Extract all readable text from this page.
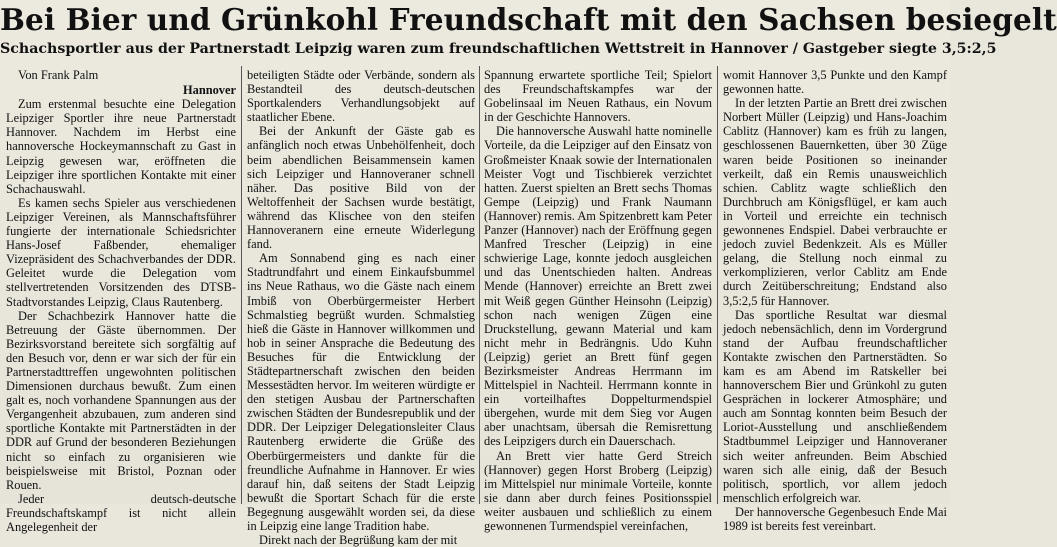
Bei Bier und Grünkohl Freundschaft mit den Sachsen besiegelt
Schachsportler aus der Partnerstadt Leipzig waren zum freundschaftlichen Wettstreit in Hannover / Gastgeber siegte 3,5:2,5
Von Frank Palm
Hannover

Zum erstenmal besuchte eine Delegation Leipziger Sportler ihre neue Partnerstadt Hannover. Nachdem im Herbst eine hannoversche Hockeymannschaft zu Gast in Leipzig gewesen war, eröffneten die Leipziger ihre sportlichen Kontakte mit einer Schachauswahl.

Es kamen sechs Spieler aus verschiedenen Leipziger Vereinen, als Mannschaftsführer fungierte der internationale Schiedsrichter Hans-Josef Faßbender, ehemaliger Vizepräsident des Schachverbandes der DDR. Geleitet wurde die Delegation vom stellvertretenden Vorsitzenden des DTSB-Stadtvorstandes Leipzig, Claus Rautenberg.

Der Schachbezirk Hannover hatte die Betreuung der Gäste übernommen. Der Bezirksvorstand bereitete sich sorgfältig auf den Besuch vor, denn er war sich der für ein Partnerstadttreffen ungewohnten politischen Dimensionen durchaus bewußt. Zum einen galt es, noch vorhandene Spannungen aus der Vergangenheit abzubauen, zum anderen sind sportliche Kontakte mit Partnerstädten in der DDR auf Grund der besonderen Beziehungen nicht so einfach zu organisieren wie beispielsweise mit Bristol, Poznan oder Rouen.

Jeder deutsch-deutsche Freundschaftskampf ist nicht allein Angelegenheit der

beteiligten Städte oder Verbände, sondern als Bestandteil des deutsch-deutschen Sportkalenders Verhandlungsobjekt auf staatlicher Ebene.

Bei der Ankunft der Gäste gab es anfänglich noch etwas Unbehölfenheit, doch beim abendlichen Beisammensein kamen sich Leipziger und Hannoveraner schnell näher. Das positive Bild von der Weltoffenheit der Sachsen wurde bestätigt, während das Klischee von den steifen Hannoveranern eine erneute Widerlegung fand.

Am Sonnabend ging es nach einer Stadtrundfahrt und einem Einkaufsbummel ins Neue Rathaus, wo die Gäste nach einem Imbiß von Oberbürgermeister Herbert Schmalstieg begrüßt wurden. Schmalstieg hieß die Gäste in Hannover willkommen und hob in seiner Ansprache die Bedeutung des Besuches für die Entwicklung der Städtepartnerschaft zwischen den beiden Messestädten hervor. Im weiteren würdigte er den stetigen Ausbau der Partnerschaften zwischen Städten der Bundesrepublik und der DDR. Der Leipziger Delegationsleiter Claus Rautenberg erwiderte die Grüße des Oberbürgermeisters und dankte für die freundliche Aufnahme in Hannover. Er wies darauf hin, daß seitens der Stadt Leipzig bewußt die Sportart Schach für die erste Begegnung ausgewählt worden sei, da diese in Leipzig eine lange Tradition habe.

Direkt nach der Begrüßung kam der mit

Spannung erwartete sportliche Teil; Spielort des Freundschaftskampfes war der Gobelinsaal im Neuen Rathaus, ein Novum in der Geschichte Hannovers.

Die hannoversche Auswahl hatte nominelle Vorteile, da die Leipziger auf den Einsatz von Großmeister Knaak sowie der Internationalen Meister Vogt und Tischbierek verzichtet hatten. Zuerst spielten an Brett sechs Thomas Gempe (Leipzig) und Frank Naumann (Hannover) remis. Am Spitzenbrett kam Peter Panzer (Hannover) nach der Eröffnung gegen Manfred Trescher (Leipzig) in eine schwierige Lage, konnte jedoch ausgleichen und das Unentschieden halten. Andreas Mende (Hannover) erreichte an Brett zwei mit Weiß gegen Günther Heinsohn (Leipzig) schon nach wenigen Zügen eine Druckstellung, gewann Material und kam nicht mehr in Bedrängnis. Udo Kuhn (Leipzig) geriet an Brett fünf gegen Bezirksmeister Andreas Herrmann im Mittelspiel in Nachteil. Herrmann konnte in ein vorteilhaftes Doppelturmendspiel übergehen, wurde mit dem Sieg vor Augen aber unachtsam, übersah die Remisrettung des Leipzigers durch ein Dauerschach.

An Brett vier hatte Gerd Streich (Hannover) gegen Horst Broberg (Leipzig) im Mittelspiel nur minimale Vorteile, konnte sie dann aber durch feines Positionsspiel weiter ausbauen und schließlich zu einem gewonnenen Turmendspiel vereinfachen,

womit Hannover 3,5 Punkte und den Kampf gewonnen hatte.

In der letzten Partie an Brett drei zwischen Norbert Müller (Leipzig) und Hans-Joachim Cablitz (Hannover) kam es früh zu langen, geschlossenen Bauernketten, über 30 Züge waren beide Positionen so ineinander verkeilt, daß ein Remis unausweichlich schien. Cablitz wagte schließlich den Durchbruch am Königsflügel, er kam auch in Vorteil und erreichte ein technisch gewonnenes Endspiel. Dabei verbrauchte er jedoch zuviel Bedenkzeit. Als es Müller gelang, die Stellung noch einmal zu verkomplizieren, verlor Cablitz am Ende durch Zeitüberschreitung; Endstand also 3,5:2,5 für Hannover.

Das sportliche Resultat war diesmal jedoch nebensächlich, denn im Vordergrund stand der Aufbau freundschaftlicher Kontakte zwischen den Partnerstädten. So kam es am Abend im Ratskeller bei hannoverschem Bier und Grünkohl zu guten Gesprächen in lockerer Atmosphäre; und auch am Sonntag konnten beim Besuch der Loriot-Ausstellung und anschließendem Stadtbummel Leipziger und Hannoveraner sich weiter anfreunden. Beim Abschied waren sich alle einig, daß der Besuch politisch, sportlich, vor allem jedoch menschlich erfolgreich war.

Der hannoversche Gegenbesuch Ende Mai 1989 ist bereits fest vereinbart.
